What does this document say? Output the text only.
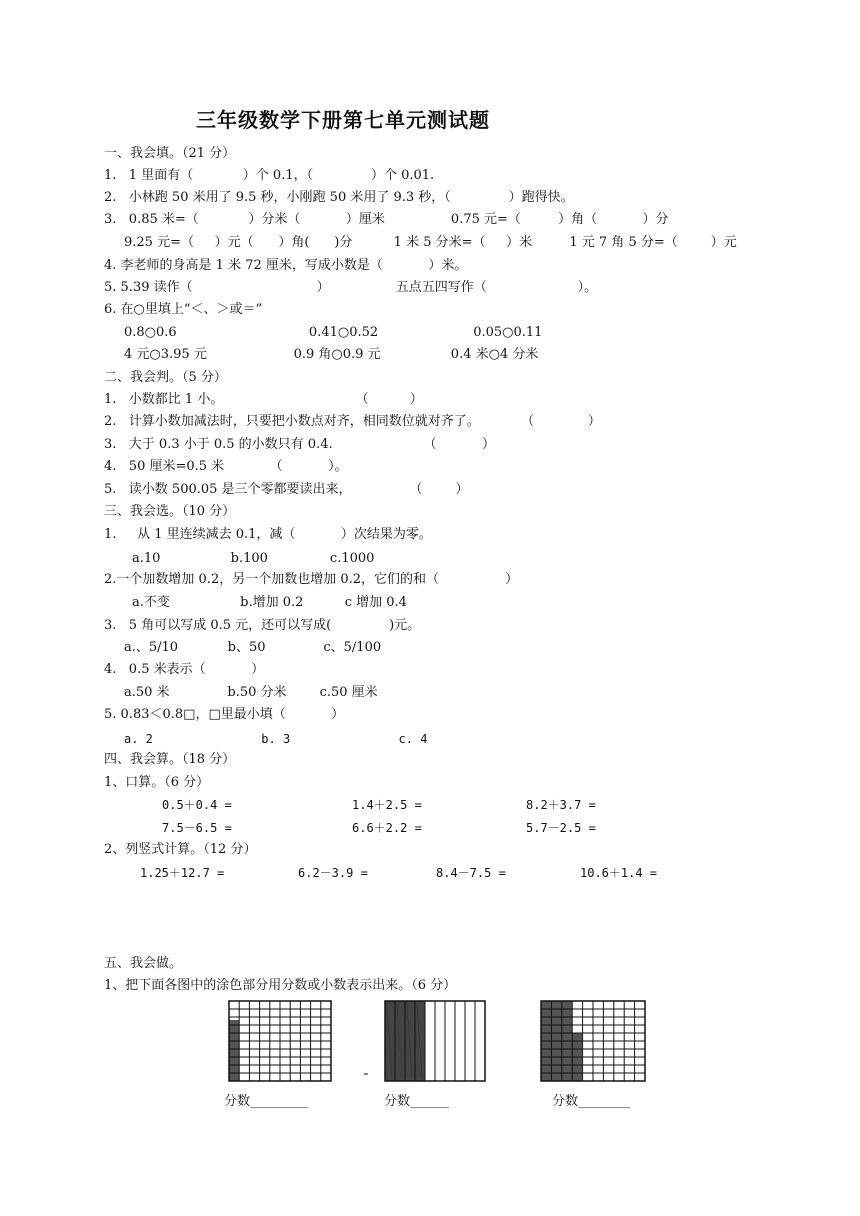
三年级数学下册第七单元测试题
一、我会填。（21 分）
1.   1 里面有（            ）个 0.1，（              ）个 0.01.
2.   小林跑 50 米用了 9.5 秒，小刚跑 50 米用了 9.3 秒，（              ）跑得快。
3.   0.85 米=（            ）分米（           ）厘米                0.75 元=（         ）角（           ）分
9.25 元=（     ）元（      ）角(      )分          1 米 5 分米=（     ）米         1 元 7 角 5 分=（        ）元
4. 李老师的身高是 1 米 72 厘米，写成小数是（           ）米。
5. 5.39 读作（                              ）                五点五四写作（                      ）。
6. 在○里填上“＜、＞或＝”
0.8○0.6                                0.41○0.52                       0.05○0.11
4 元○3.95 元                     0.9 角○0.9 元                 0.4 米○4 分米
二、我会判。（5 分）
1.   小数都比 1 小。                                （          ）
2.   计算小数加减法时，只要把小数点对齐，相同数位就对齐了。          （             ）
3.   大于 0.3 小于 0.5 的小数只有 0.4.                      （           ）
4.   50 厘米=0.5 米           （           ）。
5.   读小数 500.05 是三个零都要读出来，              （        ）
三、我会选。（10 分）
1.     从 1 里连续减去 0.1，减（           ）次结果为零。
a.10                 b.100               c.1000
2.一个加数增加 0.2，另一个加数也增加 0.2，它们的和（                ）
a.不变                 b.增加 0.2          c 增加 0.4
3.   5 角可以写成 0.5 元，还可以写成(              )元。
a.、5/10            b、50              c、5/100
4.   0.5 米表示（           ）
a.50 米              b.50 分米        c.50 厘米
5. 0.83＜0.8□，□里最小填（           ）
a. 2               b. 3               c. 4
四、我会算。（18 分）
1、口算。（6 分）
0.5＋0.4 =	1.4＋2.5 =	8.2＋3.7 =
7.5－6.5 =	6.6＋2.2 =	5.7－2.5 =
2、列竖式计算。（12 分）
1.25＋12.7 =	6.2－3.9 =	8.4－7.5 =	10.6＋1.4 =
五、我会做。
1、把下面各图中的涂色部分用分数或小数表示出来。（6 分）
分数_________	分数______	分数________
